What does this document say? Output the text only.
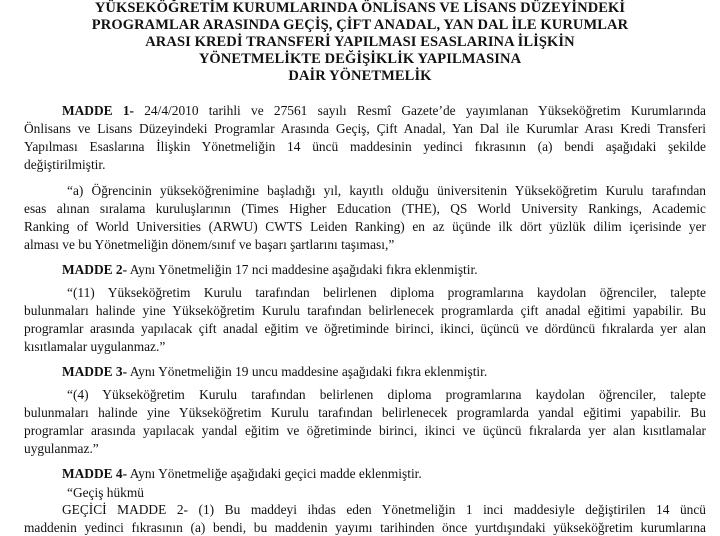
YÜKSEKÖĞRETİM KURUMLARINDA ÖNLİSANS VE LİSANS DÜZEYİNDEKİ
PROGRAMLAR ARASINDA GEÇİŞ, ÇİFT ANADAL, YAN DAL İLE KURUMLAR
ARASI KREDİ TRANSFERİ YAPILMASI ESASLARINA İLİŞKİN
YÖNETMELİKTE DEĞİŞİKLİK YAPILMASINA
DAİR YÖNETMELİK
MADDE 1- 24/4/2010 tarihli ve 27561 sayılı Resmî Gazete’de yayımlanan Yükseköğretim Kurumlarında
Önlisans ve Lisans Düzeyindeki Programlar Arasında Geçiş, Çift Anadal, Yan Dal ile Kurumlar Arası Kredi Transferi
Yapılması Esaslarına İlişkin Yönetmeliğin 14 üncü maddesinin yedinci fıkrasının (a) bendi aşağıdaki şekilde
değiştirilmiştir.
“a) Öğrencinin yükseköğrenimine başladığı yıl, kayıtlı olduğu üniversitenin Yükseköğretim Kurulu tarafından
esas alınan sıralama kuruluşlarının (Times Higher Education (THE), QS World University Rankings, Academic
Ranking of World Universities (ARWU) CWTS Leiden Ranking) en az üçünde ilk dört yüzlük dilim içerisinde yer
alması ve bu Yönetmeliğin dönem/sınıf ve başarı şartlarını taşıması,”
MADDE 2- Aynı Yönetmeliğin 17 nci maddesine aşağıdaki fıkra eklenmiştir.
“(11) Yükseköğretim Kurulu tarafından belirlenen diploma programlarına kaydolan öğrenciler, talepte
bulunmaları halinde yine Yükseköğretim Kurulu tarafından belirlenecek programlarda çift anadal eğitimi yapabilir. Bu
programlar arasında yapılacak çift anadal eğitim ve öğretiminde birinci, ikinci, üçüncü ve dördüncü fıkralarda yer alan
kısıtlamalar uygulanmaz.”
MADDE 3- Aynı Yönetmeliğin 19 uncu maddesine aşağıdaki fıkra eklenmiştir.
“(4) Yükseköğretim Kurulu tarafından belirlenen diploma programlarına kaydolan öğrenciler, talepte
bulunmaları halinde yine Yükseköğretim Kurulu tarafından belirlenecek programlarda yandal eğitimi yapabilir. Bu
programlar arasında yapılacak yandal eğitim ve öğretiminde birinci, ikinci ve üçüncü fıkralarda yer alan kısıtlamalar
uygulanmaz.”
MADDE 4- Aynı Yönetmeliğe aşağıdaki geçici madde eklenmiştir.
“Geçiş hükmü
GEÇİCİ MADDE 2- (1) Bu maddeyi ihdas eden Yönetmeliğin 1 inci maddesiyle değiştirilen 14 üncü
maddenin yedinci fıkrasının (a) bendi, bu maddenin yayımı tarihinden önce yurtdışındaki yükseköğretim kurumlarına
